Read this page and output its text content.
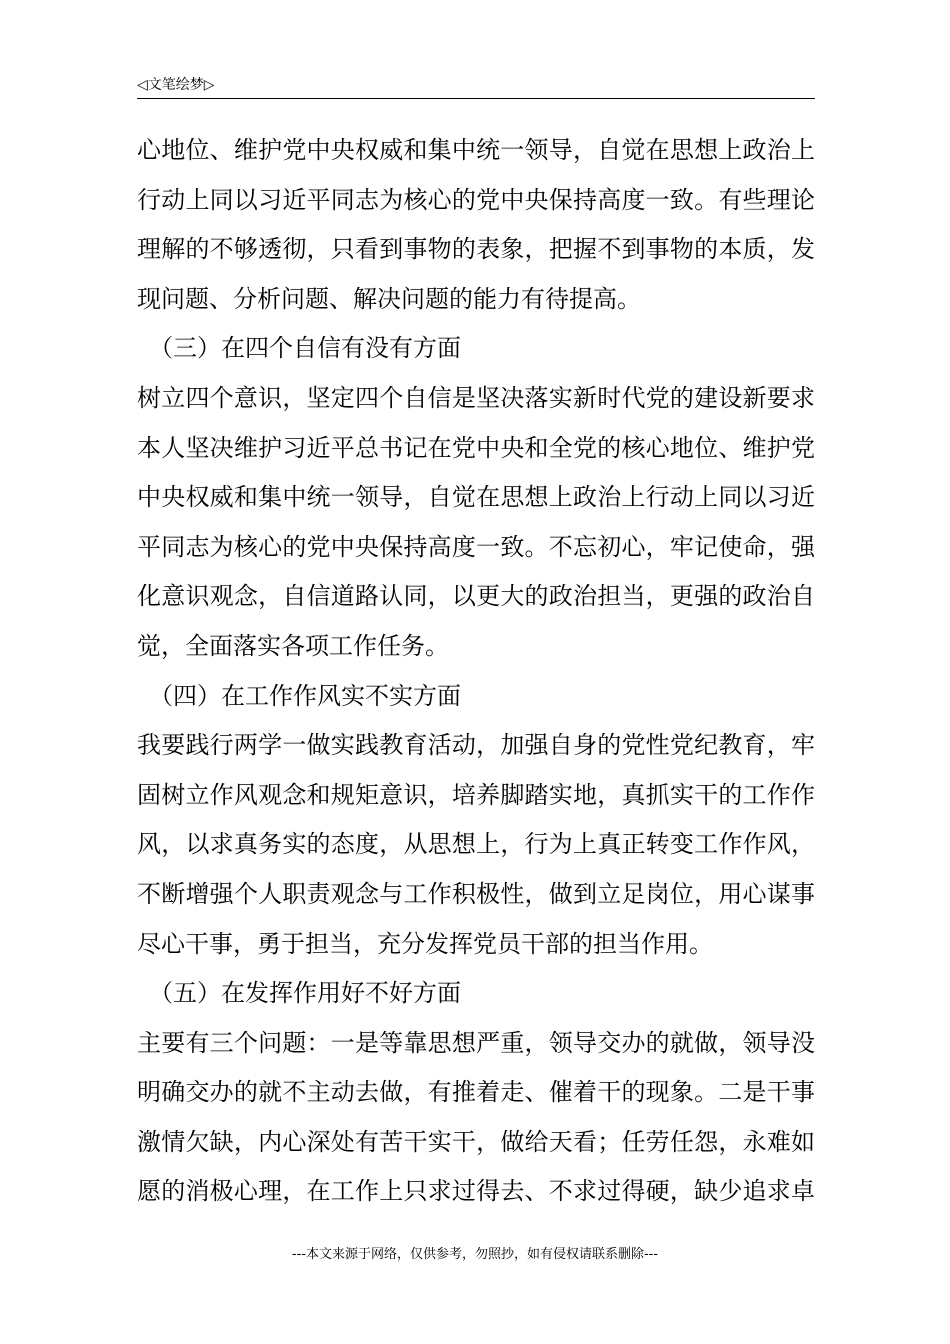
◁文笔绘梦▷
心地位、维护党中央权威和集中统一领导，自觉在思想上政治上
行动上同以习近平同志为核心的党中央保持高度一致。有些理论
理解的不够透彻，只看到事物的表象，把握不到事物的本质，发
现问题、分析问题、解决问题的能力有待提高。
（三）在四个自信有没有方面
树立四个意识，坚定四个自信是坚决落实新时代党的建设新要求
本人坚决维护习近平总书记在党中央和全党的核心地位、维护党
中央权威和集中统一领导，自觉在思想上政治上行动上同以习近
平同志为核心的党中央保持高度一致。不忘初心，牢记使命，强
化意识观念，自信道路认同，以更大的政治担当，更强的政治自
觉，全面落实各项工作任务。
（四）在工作作风实不实方面
我要践行两学一做实践教育活动，加强自身的党性党纪教育，牢
固树立作风观念和规矩意识，培养脚踏实地，真抓实干的工作作
风，以求真务实的态度，从思想上，行为上真正转变工作作风，
不断增强个人职责观念与工作积极性，做到立足岗位，用心谋事
尽心干事，勇于担当，充分发挥党员干部的担当作用。
（五）在发挥作用好不好方面
主要有三个问题：一是等靠思想严重，领导交办的就做，领导没
明确交办的就不主动去做，有推着走、催着干的现象。二是干事
激情欠缺，内心深处有苦干实干，做给天看；任劳任怨，永难如
愿的消极心理，在工作上只求过得去、不求过得硬，缺少追求卓
---本文来源于网络，仅供参考，勿照抄，如有侵权请联系删除---
